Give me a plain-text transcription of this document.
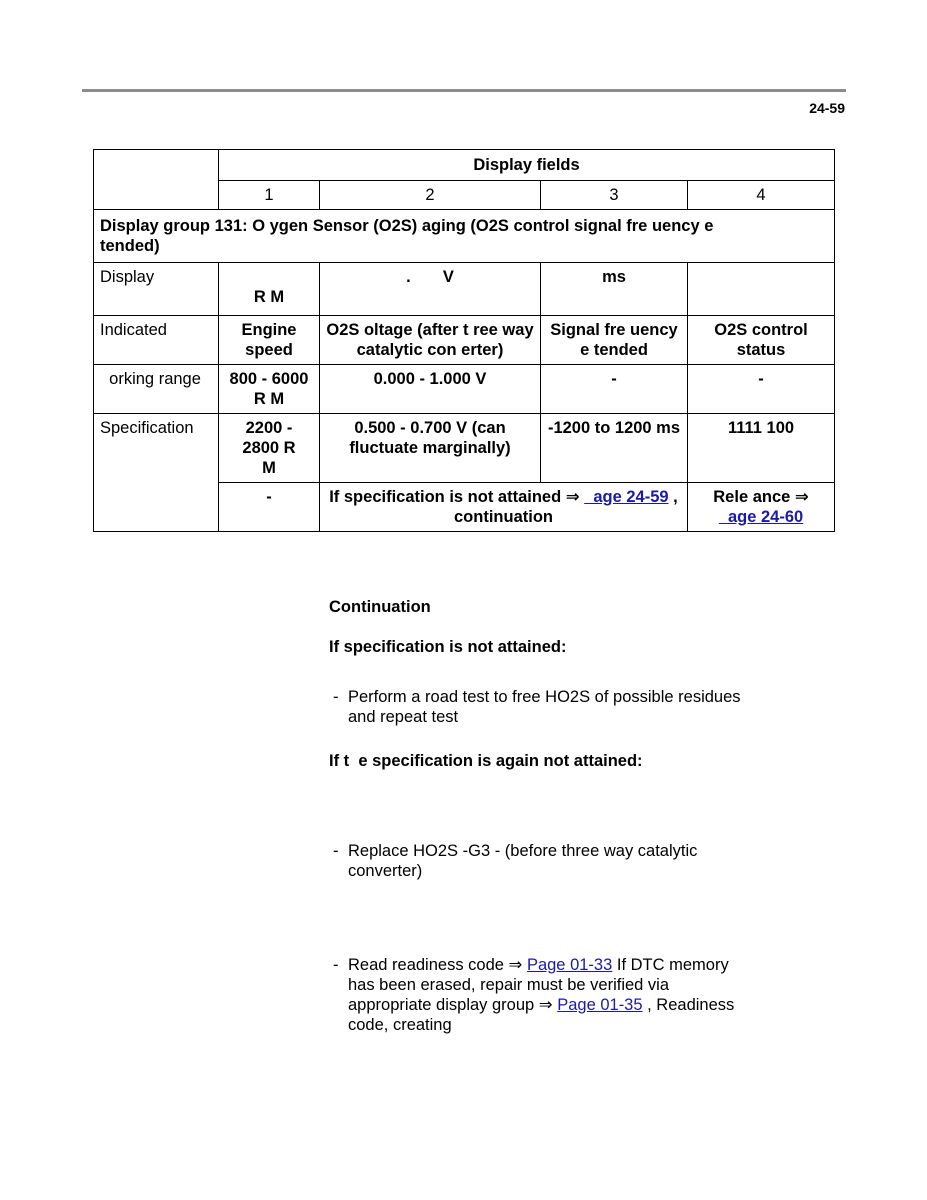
24-59
	Display fields			
	1	2	3	4
Display group 131: O ygen Sensor (O2S) aging (O2S control signal fre uency e tended)				
Display	R M	.       V	ms	
Indicated	Engine speed	O2S oltage (after t ree way catalytic con erter)	Signal fre uency e tended	O2S control status
orking range	800 - 6000 R M	0.000 - 1.000 V	-	-
Specification	2200 - 2800 R M	0.500 - 0.700 V (can fluctuate marginally)	-1200 to 1200 ms	1111 100
	-	If specification is not attained ⇒   age 24-59 , continuation		Rele ance ⇒   age 24-60
Continuation
If specification is not attained:
- Perform a road test to free HO2S of possible residues and repeat test
If t  e specification is again not attained:
- Replace HO2S -G3 - (before three way catalytic converter)
- Read readiness code ⇒ Page 01-33 If DTC memory has been erased, repair must be verified via appropriate display group ⇒ Page 01-35 , Readiness code, creating
